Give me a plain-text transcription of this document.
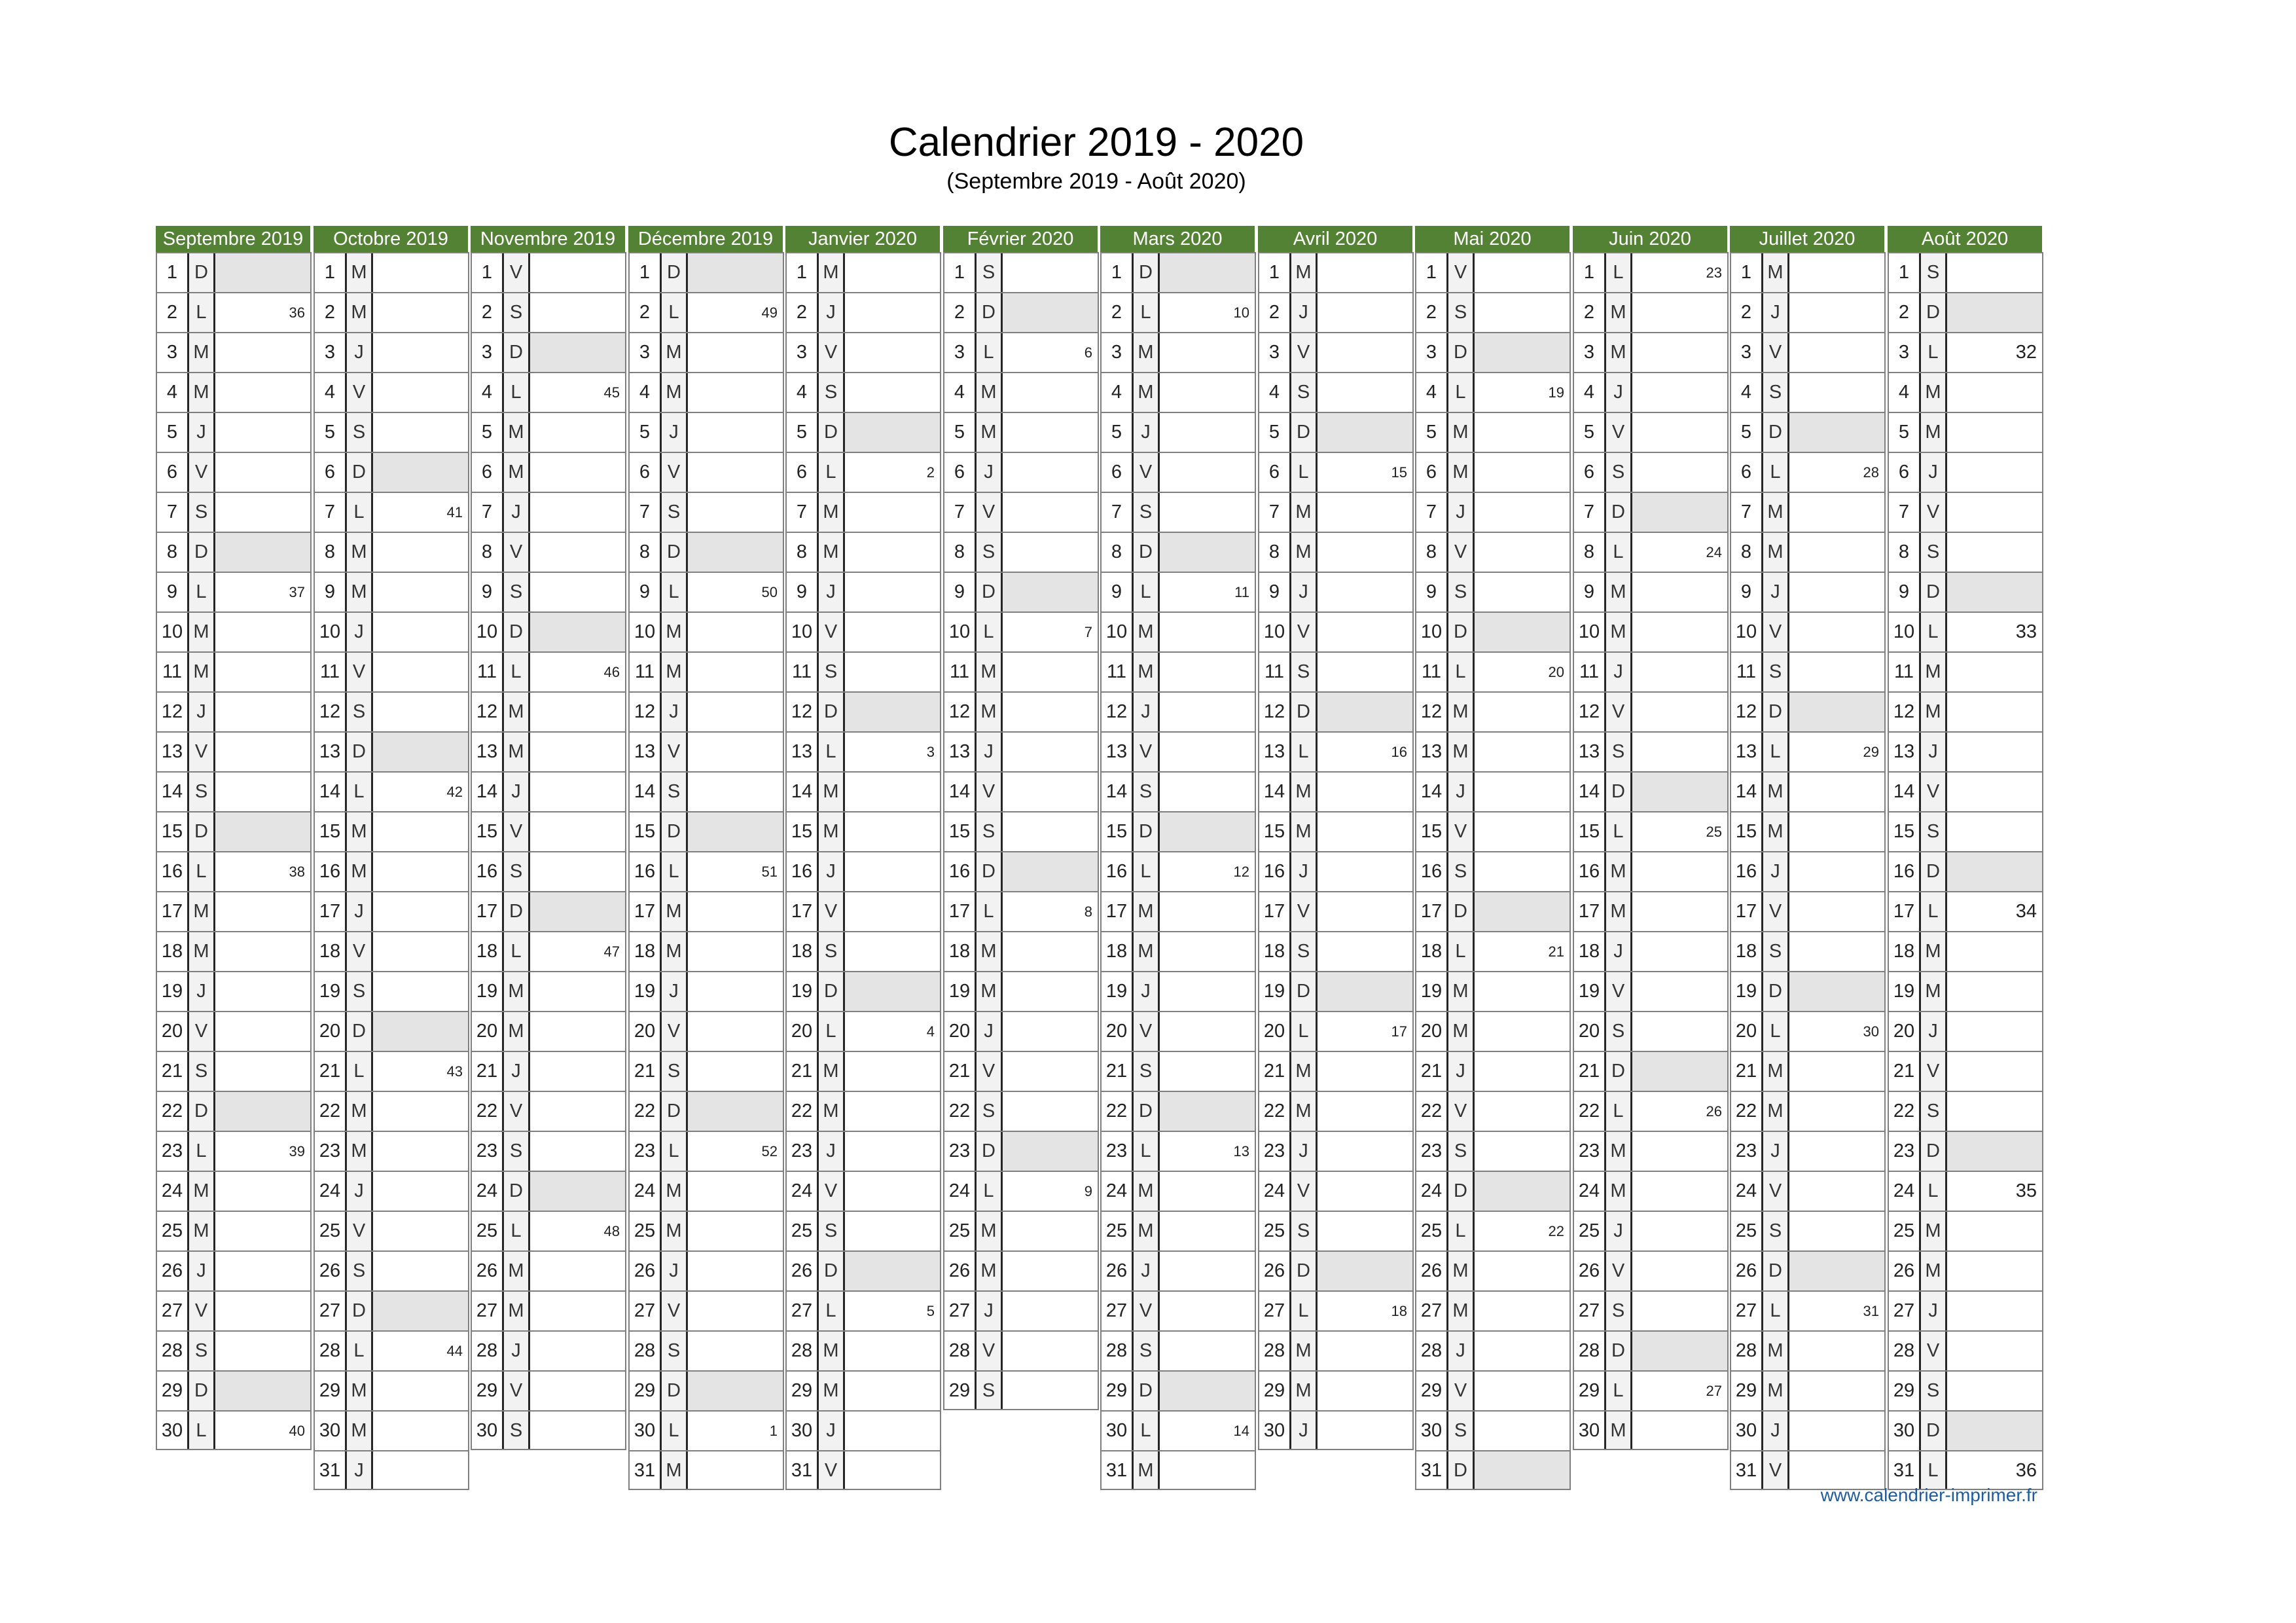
Calendrier 2019 - 2020
(Septembre 2019 - Août 2020)
Septembre 2019
1 D
2 L	36
3 M
4 M
5	J
6 V
7 S
8 D
9 L	37
10 M
11 M
12 J
13 V
14 S
15 D
16 L	38
17 M
18 M
19 J
20 V
21 S
22 D
23 L	39
24 M
25 M
26 J
27 V
28 S
29 D
30 L	40
Octobre 2019
1 M
2 M
3	J
4 V
5 S
6 D
7 L	41
8 M
9 M
10 J
11 V
12 S
13 D
14 L	42
15 M
16 M
17 J
18 V
19 S
20 D
21 L	43
22 M
23 M
24 J
25 V
26 S
27 D
28 L	44
29 M
30 M
31 J
Novembre 2019
1 V
2 S
3 D
4 L	45
5 M
6 M
7	J
8 V
9 S
10 D
11 L	46
12 M
13 M
14 J
15 V
16 S
17 D
18 L	47
19 M
20 M
21 J
22 V
23 S
24 D
25 L	48
26 M
27 M
28 J
29 V
30 S
Décembre 2019
1 D
2 L	49
3 M
4 M
5	J
6 V
7 S
8 D
9 L	50
10 M
11 M
12 J
13 V
14 S
15 D
16 L	51
17 M
18 M
19 J
20 V
21 S
22 D
23 L	52
24 M
25 M
26 J
27 V
28 S
29 D
30 L	1
31 M
Janvier 2020
1 M
2	J
3 V
4 S
5 D
6 L	2
7 M
8 M
9	J
10 V
11 S
12 D
13 L	3
14 M
15 M
16 J
17 V
18 S
19 D
20 L	4
21 M
22 M
23 J
24 V
25 S
26 D
27 L	5
28 M
29 M
30 J
31 V
Février 2020
1 S
2 D
3 L	6
4 M
5 M
6	J
7 V
8 S
9 D
10 L	7
11 M
12 M
13 J
14 V
15 S
16 D
17 L	8
18 M
19 M
20 J
21 V
22 S
23 D
24 L	9
25 M
26 M
27 J
28 V
29 S
Mars 2020
1 D
2 L	10
3 M
4 M
5	J
6 V
7 S
8 D
9 L	11
10 M
11 M
12 J
13 V
14 S
15 D
16 L	12
17 M
18 M
19 J
20 V
21 S
22 D
23 L	13
24 M
25 M
26 J
27 V
28 S
29 D
30 L	14
31 M
Avril 2020
1 M
2	J
3 V
4 S
5 D
6 L	15
7 M
8 M
9	J
10 V
11 S
12 D
13 L	16
14 M
15 M
16 J
17 V
18 S
19 D
20 L	17
21 M
22 M
23 J
24 V
25 S
26 D
27 L	18
28 M
29 M
30 J
Mai 2020
1 V
2 S
3 D
4 L	19
5 M
6 M
7	J
8 V
9 S
10 D
11 L	20
12 M
13 M
14 J
15 V
16 S
17 D
18 L	21
19 M
20 M
21 J
22 V
23 S
24 D
25 L	22
26 M
27 M
28 J
29 V
30 S
31 D
Juin 2020
1 L	23
2 M
3 M
4	J
5 V
6 S
7 D
8 L	24
9 M
10 M
11 J
12 V
13 S
14 D
15 L	25
16 M
17 M
18 J
19 V
20 S
21 D
22 L	26
23 M
24 M
25 J
26 V
27 S
28 D
29 L	27
30 M
Juillet 2020
1 M
2	J
3 V
4 S
5 D
6 L	28
7 M
8 M
9	J
10 V
11 S
12 D
13 L	29
14 M
15 M
16 J
17 V
18 S
19 D
20 L	30
21 M
22 M
23 J
24 V
25 S
26 D
27 L	31
28 M
29 M
30 J
31 V
Août 2020
1 S
2 D
3 L	32
4 M
5 M
6	J
7 V
8 S
9 D
10 L	33
11 M
12 M
13 J
14 V
15 S
16 D
17 L	34
18 M
19 M
20 J
21 V
22 S
23 D
24 L	35
25 M
26 M
27 J
28 V
29 S
30 D
31 L	36
www.calendrier-imprimer.fr
